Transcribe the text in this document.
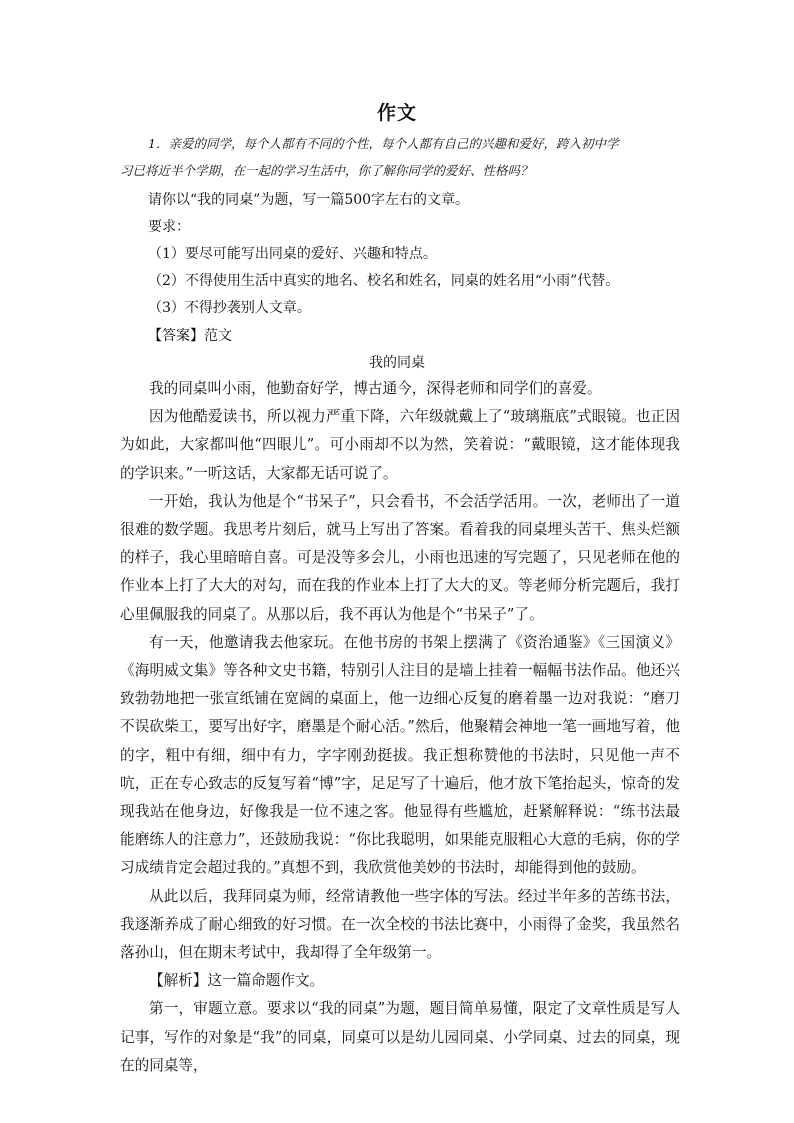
作文
1．亲爱的同学，每个人都有不同的个性，每个人都有自己的兴趣和爱好，跨入初中学
习已将近半个学期，在一起的学习生活中，你了解你同学的爱好、性格吗？
请你以“我的同桌”为题，写一篇500字左右的文章。
要求：
（1）要尽可能写出同桌的爱好、兴趣和特点。
（2）不得使用生活中真实的地名、校名和姓名，同桌的姓名用“小雨”代替。
（3）不得抄袭别人文章。
【答案】范文
我的同桌

我的同桌叫小雨，他勤奋好学，博古通今，深得老师和同学们的喜爱。

因为他酷爱读书，所以视力严重下降，六年级就戴上了“玻璃瓶底”式眼镜。也正因为如此，大家都叫他“四眼儿”。可小雨却不以为然，笑着说：“戴眼镜，这才能体现我的学识来。”一听这话，大家都无话可说了。

一开始，我认为他是个“书呆子”，只会看书，不会活学活用。一次，老师出了一道很难的数学题。我思考片刻后，就马上写出了答案。看着我的同桌埋头苦干、焦头烂额的样子，我心里暗暗自喜。可是没等多会儿，小雨也迅速的写完题了，只见老师在他的作业本上打了大大的对勾，而在我的作业本上打了大大的叉。等老师分析完题后，我打心里佩服我的同桌了。从那以后，我不再认为他是个“书呆子”了。

有一天，他邀请我去他家玩。在他书房的书架上摆满了《资治通鉴》《三国演义》《海明威文集》等各种文史书籍，特别引人注目的是墙上挂着一幅幅书法作品。他还兴致勃勃地把一张宣纸铺在宽阔的桌面上，他一边细心反复的磨着墨一边对我说：“磨刀不误砍柴工，要写出好字，磨墨是个耐心活。”然后，他聚精会神地一笔一画地写着，他的字，粗中有细，细中有力，字字刚劲挺拔。我正想称赞他的书法时，只见他一声不吭，正在专心致志的反复写着“博”字，足足写了十遍后，他才放下笔抬起头，惊奇的发现我站在他身边，好像我是一位不速之客。他显得有些尴尬，赶紧解释说：“练书法最能磨练人的注意力”，还鼓励我说：“你比我聪明，如果能克服粗心大意的毛病，你的学习成绩肯定会超过我的。”真想不到，我欣赏他美妙的书法时，却能得到他的鼓励。

从此以后，我拜同桌为师，经常请教他一些字体的写法。经过半年多的苦练书法，我逐渐养成了耐心细致的好习惯。在一次全校的书法比赛中，小雨得了金奖，我虽然名落孙山，但在期末考试中，我却得了全年级第一。

【解析】这一篇命题作文。

第一，审题立意。要求以“我的同桌”为题，题目简单易懂，限定了文章性质是写人记事，写作的对象是“我”的同桌，同桌可以是幼儿园同桌、小学同桌、过去的同桌，现在的同桌等，
